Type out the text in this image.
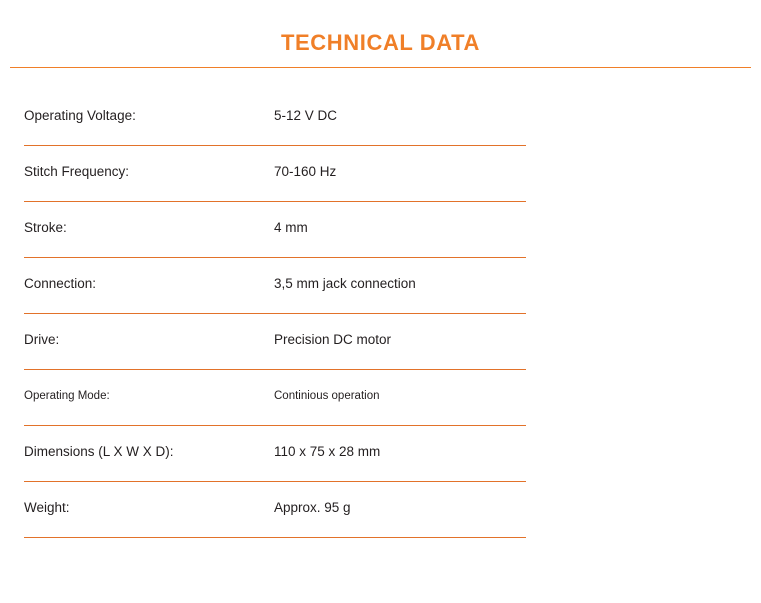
TECHNICAL DATA
Operating Voltage:	5-12 V DC
Stitch Frequency:	70-160 Hz
Stroke:	4 mm
Connection:	3,5 mm jack connection
Drive:	Precision DC motor
Operating Mode:	Continious operation
Dimensions (L X W X D):	110 x 75 x 28 mm
Weight:	Approx. 95 g
